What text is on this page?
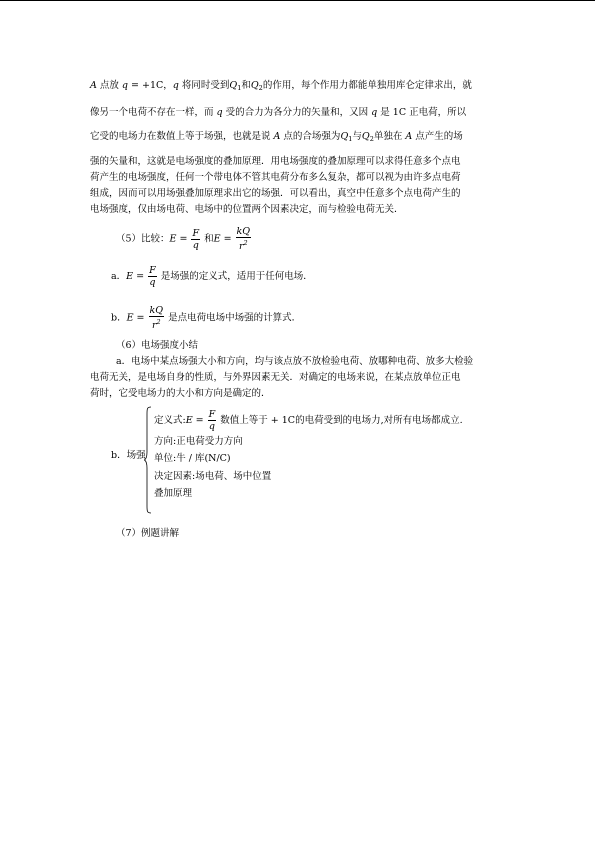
A 点放 q = +1C，q 将同时受到$Q_1$和$Q_2$的作用，每个作用力都能单独用库仑定律求出，就
像另一个电荷不存在一样，而 q 受的合力为各分力的矢量和，又因 q 是 1C 正电荷，所以
它受的电场力在数值上等于场强，也就是说 A 点的合场强为$Q_1$与$Q_2$单独在 A 点产生的场
强的矢量和，这就是电场强度的叠加原理．用电场强度的叠加原理可以求得任意多个点电
荷产生的电场强度，任何一个带电体不管其电荷分布多么复杂，都可以视为由许多点电荷
组成，因而可以用场强叠加原理求出它的场强．可以看出，真空中任意多个点电荷产生的
电场强度，仅由场电荷、电场中的位置两个因素决定，而与检验电荷无关．
（5）比较：$E = \frac{F}{q}$ 和$E = \frac{kQ}{r^2}$
a．$E = \frac{F}{q}$ 是场强的定义式，适用于任何电场．
b．$E = \frac{kQ}{r^2}$ 是点电荷电场中场强的计算式．
（6）电场强度小结
a．电场中某点场强大小和方向，均与该点放不放检验电荷、放哪种电荷、放多大检验
电荷无关，是电场自身的性质，与外界因素无关．对确定的电场来说，在某点放单位正电
荷时，它受电场力的大小和方向是确定的．
b．场强
定义式:E = $\frac{F}{q}$ 数值上等于 + 1C的电荷受到的电场力,对所有电场都成立.
方向:正电荷受力方向
单位:牛 / 库(N/C)
决定因素:场电荷、场中位置
叠加原理
（7）例题讲解
